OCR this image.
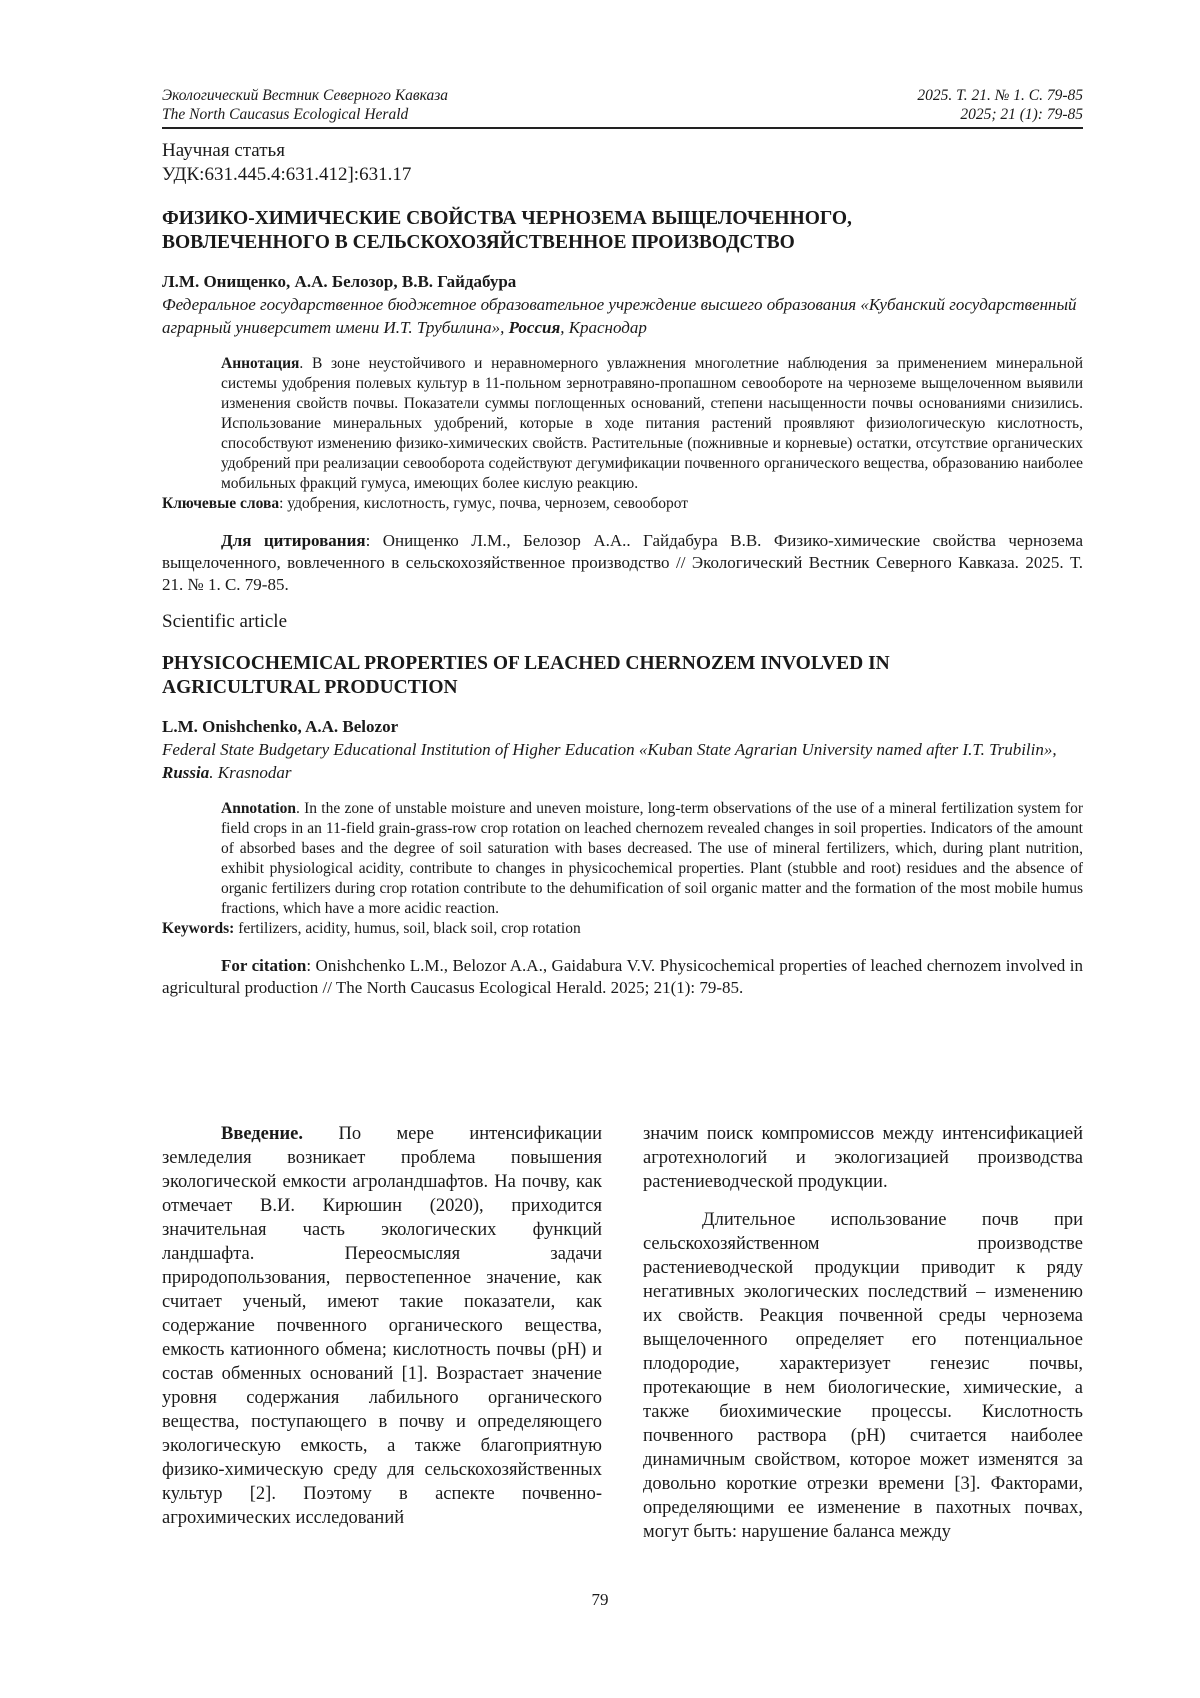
Экологический Вестник Северного Кавказа
The North Caucasus Ecological Herald
2025. Т. 21. № 1. С. 79-85
2025; 21 (1): 79-85
Научная статья
УДК:631.445.4:631.412]:631.17
ФИЗИКО-ХИМИЧЕСКИЕ СВОЙСТВА ЧЕРНОЗЕМА ВЫЩЕЛОЧЕННОГО,
ВОВЛЕЧЕННОГО В СЕЛЬСКОХОЗЯЙСТВЕННОЕ ПРОИЗВОДСТВО
Л.М. Онищенко, А.А. Белозор, В.В. Гайдабура
Федеральное государственное бюджетное образовательное учреждение высшего образования «Кубанский государственный аграрный университет имени И.Т. Трубилина», Россия, Краснодар
Аннотация. В зоне неустойчивого и неравномерного увлажнения многолетние наблюдения за применением минеральной системы удобрения полевых культур в 11-польном зернотравяно-пропашном севообороте на черноземе выщелоченном выявили изменения свойств почвы. Показатели суммы поглощенных оснований, степени насыщенности почвы основаниями снизились. Использование минеральных удобрений, которые в ходе питания растений проявляют физиологическую кислотность, способствуют изменению физико-химических свойств. Растительные (пожнивные и корневые) остатки, отсутствие органических удобрений при реализации севооборота содействуют дегумификации почвенного органического вещества, образованию наиболее мобильных фракций гумуса, имеющих более кислую реакцию.
Ключевые слова: удобрения, кислотность, гумус, почва, чернозем, севооборот
Для цитирования: Онищенко Л.М., Белозор А.А.. Гайдабура В.В. Физико-химические свойства чернозема выщелоченного, вовлеченного в сельскохозяйственное производство // Экологический Вестник Северного Кавказа. 2025. Т. 21. № 1. С. 79-85.
Scientific article
PHYSICOCHEMICAL PROPERTIES OF LEACHED CHERNOZEM INVOLVED IN
AGRICULTURAL PRODUCTION
L.M. Onishchenko, A.A. Belozor
Federal State Budgetary Educational Institution of Higher Education «Kuban State Agrarian University named after I.T. Trubilin», Russia. Krasnodar
Annotation. In the zone of unstable moisture and uneven moisture, long-term observations of the use of a mineral fertilization system for field crops in an 11-field grain-grass-row crop rotation on leached chernozem revealed changes in soil properties. Indicators of the amount of absorbed bases and the degree of soil saturation with bases decreased. The use of mineral fertilizers, which, during plant nutrition, exhibit physiological acidity, contribute to changes in physicochemical properties. Plant (stubble and root) residues and the absence of organic fertilizers during crop rotation contribute to the dehumification of soil organic matter and the formation of the most mobile humus fractions, which have a more acidic reaction.
Keywords: fertilizers, acidity, humus, soil, black soil, crop rotation
For citation: Onishchenko L.M., Belozor A.A., Gaidabura V.V. Physicochemical properties of leached chernozem involved in agricultural production // The North Caucasus Ecological Herald. 2025; 21(1): 79-85.

Введение. По мере интенсификации земледелия возникает проблема повышения экологической емкости агроландшафтов. На почву, как отмечает В.И. Кирюшин (2020), приходится значительная часть экологических функций ландшафта. Переосмысляя задачи природопользования, первостепенное значение, как считает ученый, имеют такие показатели, как содержание почвенного органического вещества, емкость катионного обмена; кислотность почвы (pH) и состав обменных оснований [1]. Возрастает значение уровня содержания лабильного органического вещества, поступающего в почву и определяющего экологическую емкость, а также благоприятную физико-химическую среду для сельскохозяйственных культур [2]. Поэтому в аспекте почвенно-агрохимических исследований

значим поиск компромиссов между интенсификацией агротехнологий и экологизацией производства растениеводческой продукции.

Длительное использование почв при сельскохозяйственном производстве растениеводческой продукции приводит к ряду негативных экологических последствий – изменению их свойств. Реакция почвенной среды чернозема выщелоченного определяет его потенциальное плодородие, характеризует генезис почвы, протекающие в нем биологические, химические, а также биохимические процессы. Кислотность почвенного раствора (pH) считается наиболее динамичным свойством, которое может изменятся за довольно короткие отрезки времени [3]. Факторами, определяющими ее изменение в пахотных почвах, могут быть: нарушение баланса между

79
